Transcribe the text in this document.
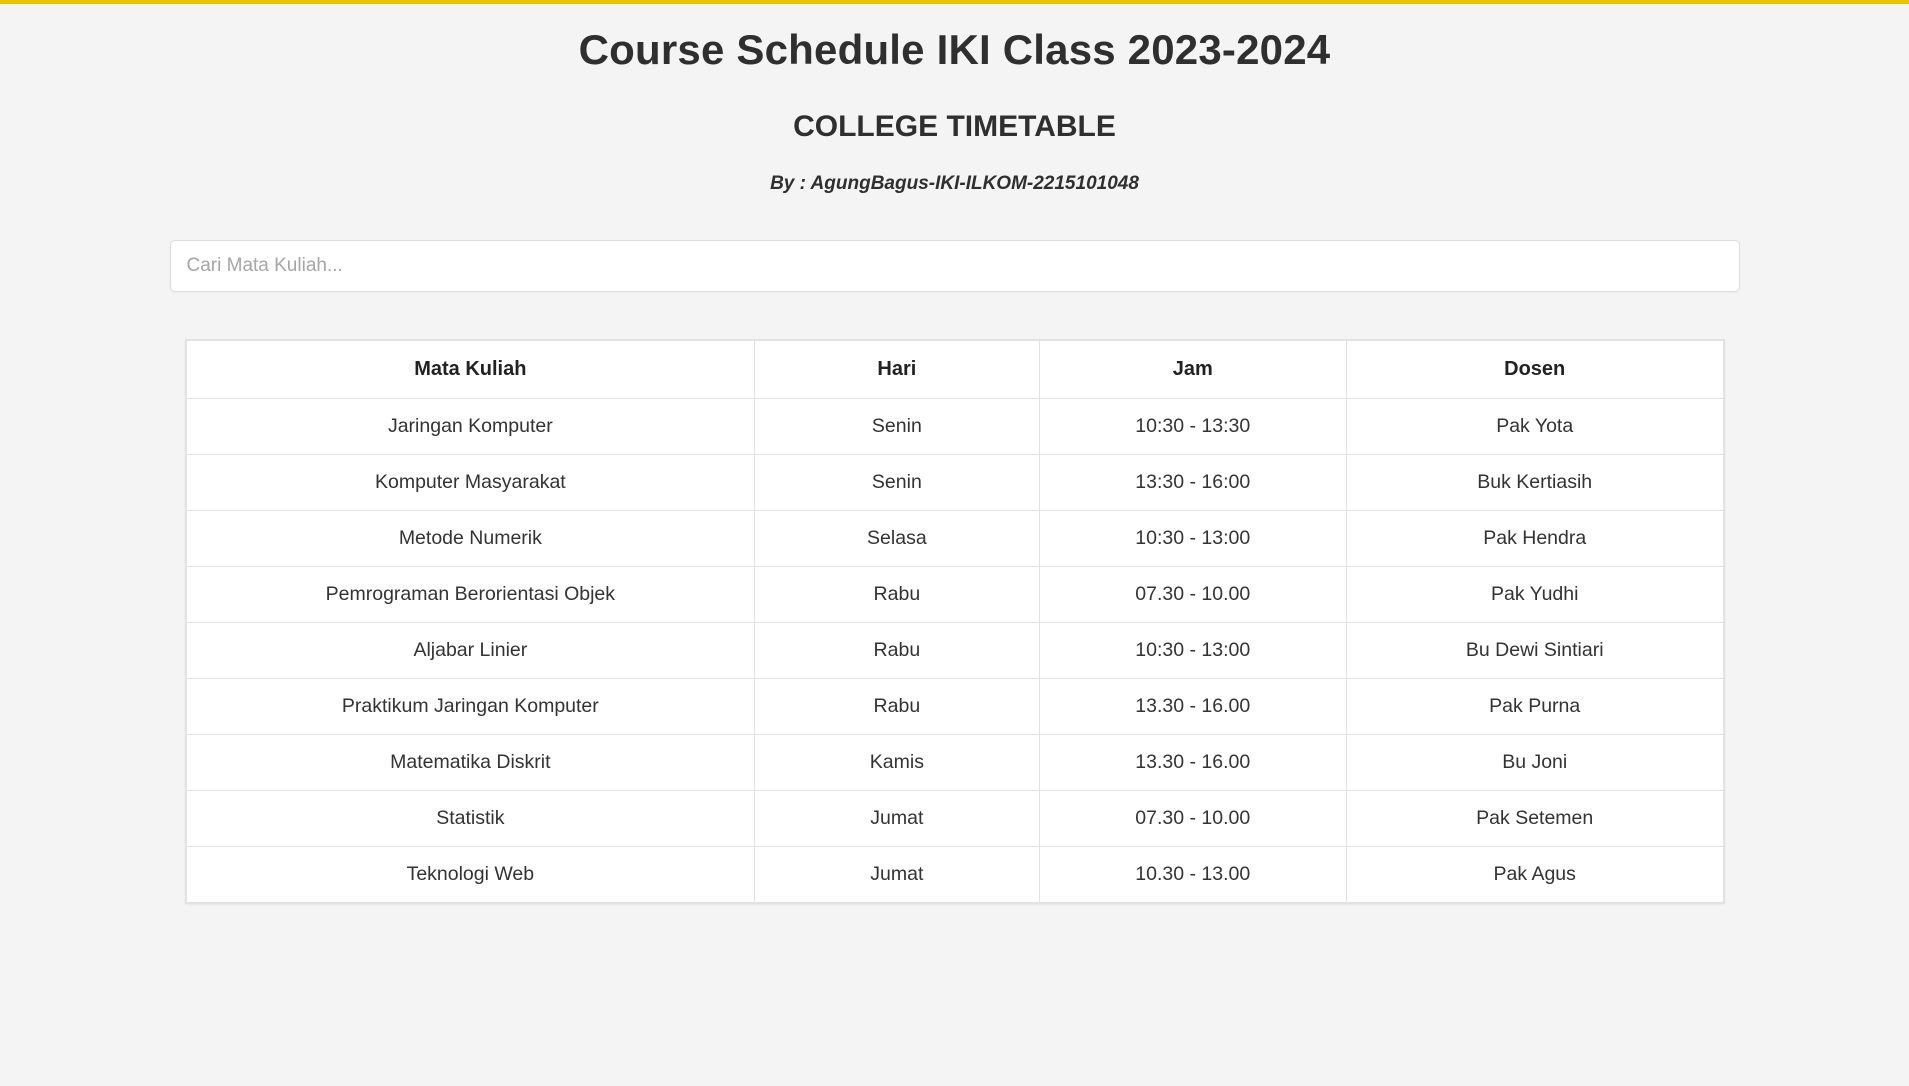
Course Schedule IKI Class 2023-2024
COLLEGE TIMETABLE
By : AgungBagus-IKI-ILKOM-2215101048
Cari Mata Kuliah...
Mata Kuliah	Hari	Jam	Dosen
Jaringan Komputer	Senin	10:30 - 13:30	Pak Yota
Komputer Masyarakat	Senin	13:30 - 16:00	Buk Kertiasih
Metode Numerik	Selasa	10:30 - 13:00	Pak Hendra
Pemrograman Berorientasi Objek	Rabu	07.30 - 10.00	Pak Yudhi
Aljabar Linier	Rabu	10:30 - 13:00	Bu Dewi Sintiari
Praktikum Jaringan Komputer	Rabu	13.30 - 16.00	Pak Purna
Matematika Diskrit	Kamis	13.30 - 16.00	Bu Joni
Statistik	Jumat	07.30 - 10.00	Pak Setemen
Teknologi Web	Jumat	10.30 - 13.00	Pak Agus
